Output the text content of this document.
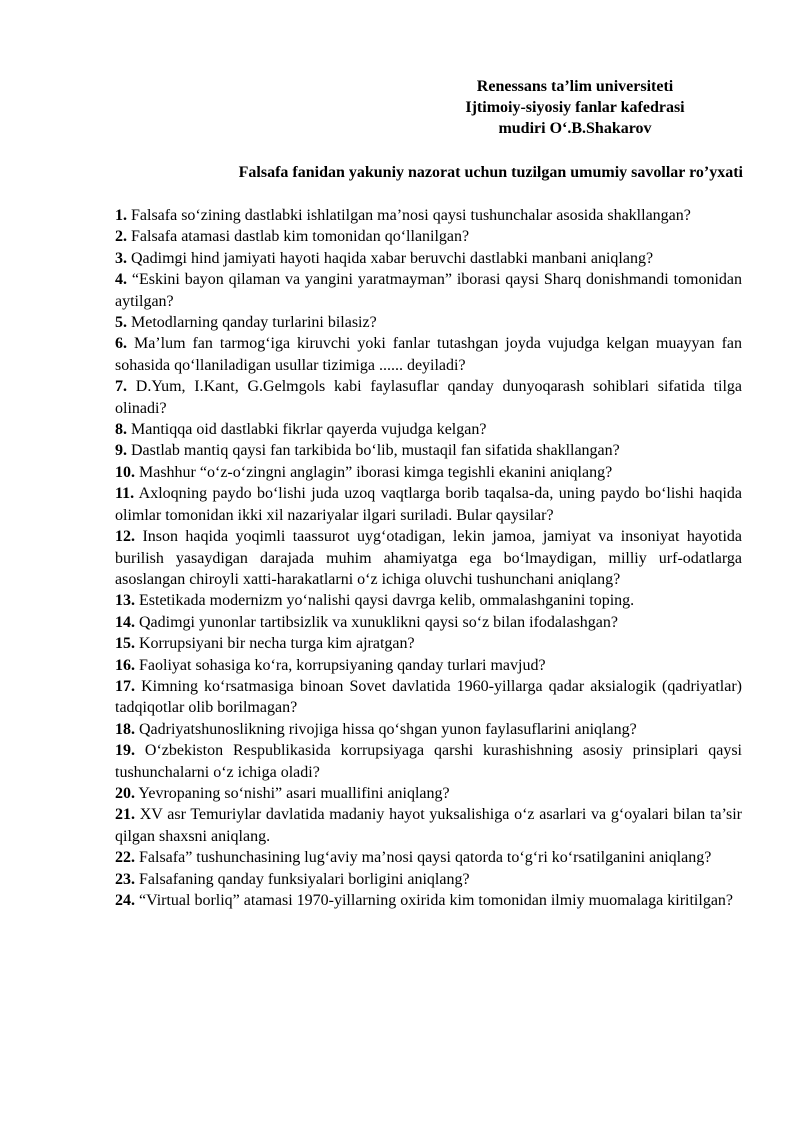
Renessans ta’lim universiteti
Ijtimoiy-siyosiy fanlar kafedrasi
mudiri O‘.B.Shakarov
Falsafa fanidan yakuniy nazorat uchun tuzilgan umumiy savollar ro’yxati
1. Falsafa so‘zining dastlabki ishlatilgan ma’nosi qaysi tushunchalar asosida shakllangan?
2. Falsafa atamasi dastlab kim tomonidan qo‘llanilgan?
3. Qadimgi hind jamiyati hayoti haqida xabar beruvchi dastlabki manbani aniqlang?
4. “Eskini bayon qilaman va yangini yaratmayman” iborasi qaysi Sharq donishmandi tomonidan aytilgan?
5. Metodlarning qanday turlarini bilasiz?
6. Ma’lum fan tarmog‘iga kiruvchi yoki fanlar tutashgan joyda vujudga kelgan muayyan fan sohasida qo‘llaniladigan usullar tizimiga ...... deyiladi?
7. D.Yum, I.Kant, G.Gelmgols kabi faylasuflar qanday dunyoqarash sohiblari sifatida tilga olinadi?
8. Mantiqqa oid dastlabki fikrlar qayerda vujudga kelgan?
9. Dastlab mantiq qaysi fan tarkibida bo‘lib, mustaqil fan sifatida shakllangan?
10. Mashhur “o‘z-o‘zingni anglagin” iborasi kimga tegishli ekanini aniqlang?
11. Axloqning paydo bo‘lishi juda uzoq vaqtlarga borib taqalsa-da, uning paydo bo‘lishi haqida olimlar tomonidan ikki xil nazariyalar ilgari suriladi. Bular qaysilar?
12. Inson haqida yoqimli taassurot uyg‘otadigan, lekin jamoa, jamiyat va insoniyat hayotida burilish yasaydigan darajada muhim ahamiyatga ega bo‘lmaydigan, milliy urf-odatlarga asoslangan chiroyli xatti-harakatlarni o‘z ichiga oluvchi tushunchani aniqlang?
13. Estetikada modernizm yo‘nalishi qaysi davrga kelib, ommalashganini toping.
14. Qadimgi yunonlar tartibsizlik va xunuklikni qaysi so‘z bilan ifodalashgan?
15. Korrupsiyani bir necha turga kim ajratgan?
16. Faoliyat sohasiga ko‘ra, korrupsiyaning qanday turlari mavjud?
17. Kimning ko‘rsatmasiga binoan Sovet davlatida 1960-yillarga qadar aksialogik (qadriyatlar) tadqiqotlar olib borilmagan?
18. Qadriyatshunoslikning rivojiga hissa qo‘shgan yunon faylasuflarini aniqlang?
19. O‘zbekiston Respublikasida korrupsiyaga qarshi kurashishning asosiy prinsiplari qaysi tushunchalarni o‘z ichiga oladi?
20. Yevropaning so‘nishi” asari muallifini aniqlang?
21. XV asr Temuriylar davlatida madaniy hayot yuksalishiga o‘z asarlari va g‘oyalari bilan ta’sir qilgan shaxsni aniqlang.
22. Falsafa” tushunchasining lug‘aviy ma’nosi qaysi qatorda to‘g‘ri ko‘rsatilganini aniqlang?
23. Falsafaning qanday funksiyalari borligini aniqlang?
24. “Virtual borliq” atamasi 1970-yillarning oxirida kim tomonidan ilmiy muomalaga kiritilgan?
